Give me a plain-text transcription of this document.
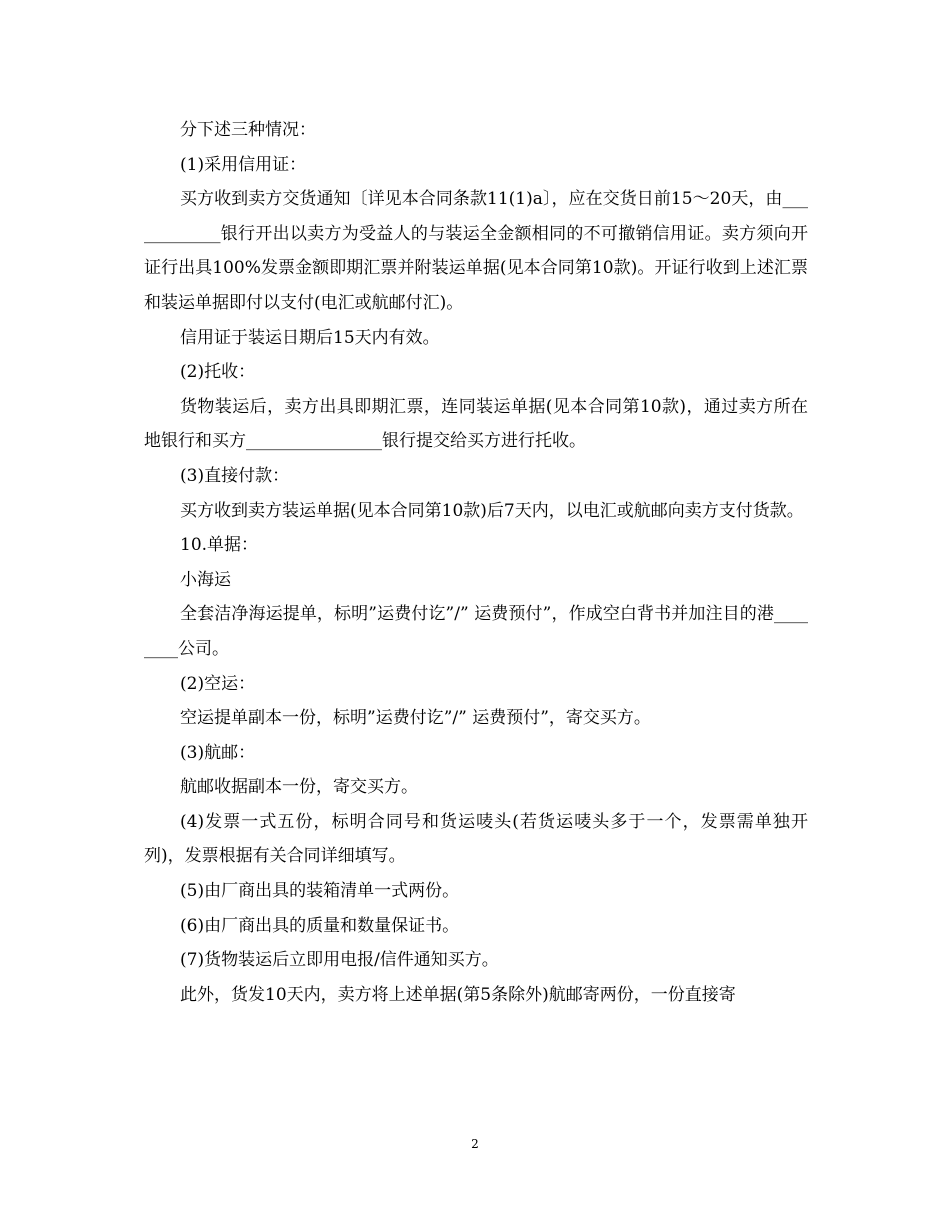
分下述三种情况：

(1)采用信用证：

买方收到卖方交货通知〔详见本合同条款11(1)a〕，应在交货日前15～20天，由____________银行开出以卖方为受益人的与装运全金额相同的不可撤销信用证。卖方须向开证行出具100%发票金额即期汇票并附装运单据(见本合同第10款)。开证行收到上述汇票和装运单据即付以支付(电汇或航邮付汇)。

信用证于装运日期后15天内有效。

(2)托收：

货物装运后，卖方出具即期汇票，连同装运单据(见本合同第10款)，通过卖方所在地银行和买方________________银行提交给买方进行托收。

(3)直接付款：

买方收到卖方装运单据(见本合同第10款)后7天内，以电汇或航邮向卖方支付货款。

10.单据：

小海运

全套洁净海运提单，标明”运费付讫”/” 运费预付”，作成空白背书并加注目的港________公司。

(2)空运：

空运提单副本一份，标明”运费付讫”/” 运费预付”，寄交买方。

(3)航邮：

航邮收据副本一份，寄交买方。

(4)发票一式五份，标明合同号和货运唛头(若货运唛头多于一个，发票需单独开列)，发票根据有关合同详细填写。

(5)由厂商出具的装箱清单一式两份。

(6)由厂商出具的质量和数量保证书。

(7)货物装运后立即用电报/信件通知买方。

此外，货发10天内，卖方将上述单据(第5条除外)航邮寄两份，一份直接寄

2
